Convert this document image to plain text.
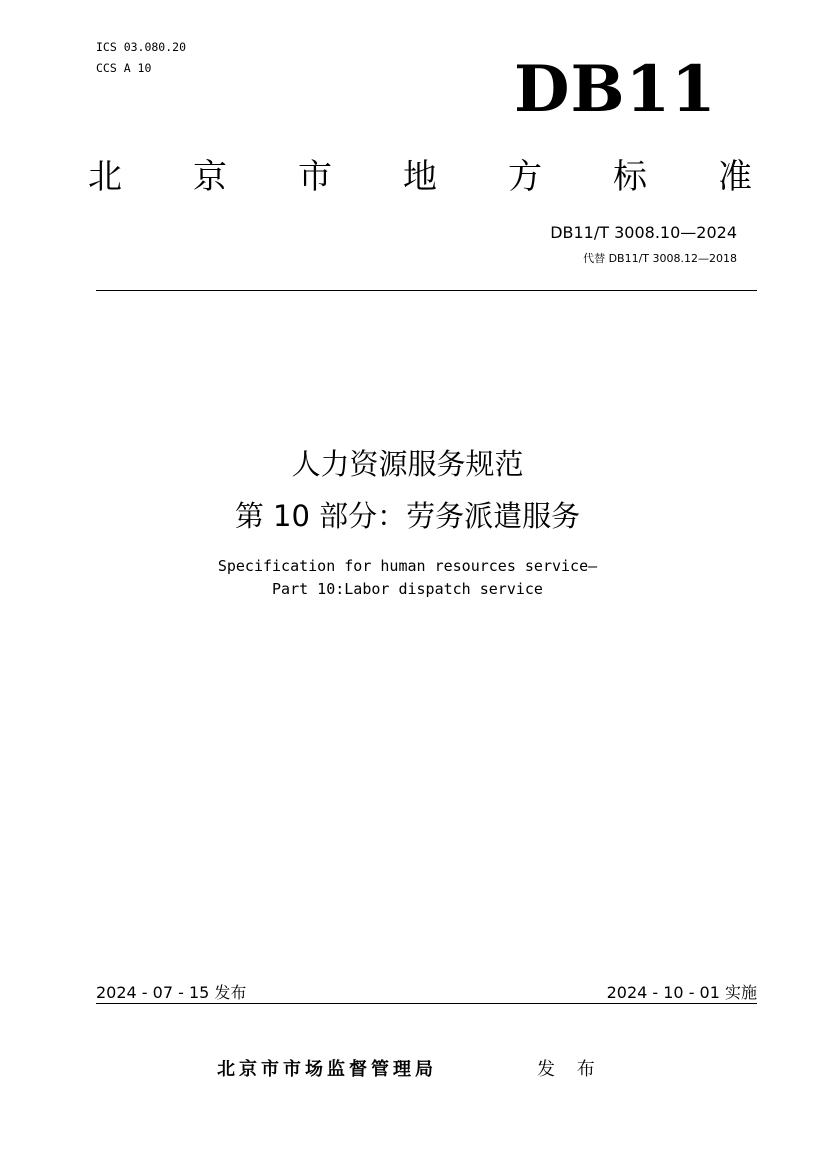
ICS 03.080.20
CCS A 10	DB11
北 京 市 地 方 标 准
DB11/T 3008.10—2024
代替 DB11/T 3008.12—2018
人力资源服务规范
第 10 部分：劳务派遣服务
Specification for human resources service—
Part 10:Labor dispatch service
2024 - 07 - 15 发布	2024 - 10 - 01 实施
北京市市场监督管理局	发 布
